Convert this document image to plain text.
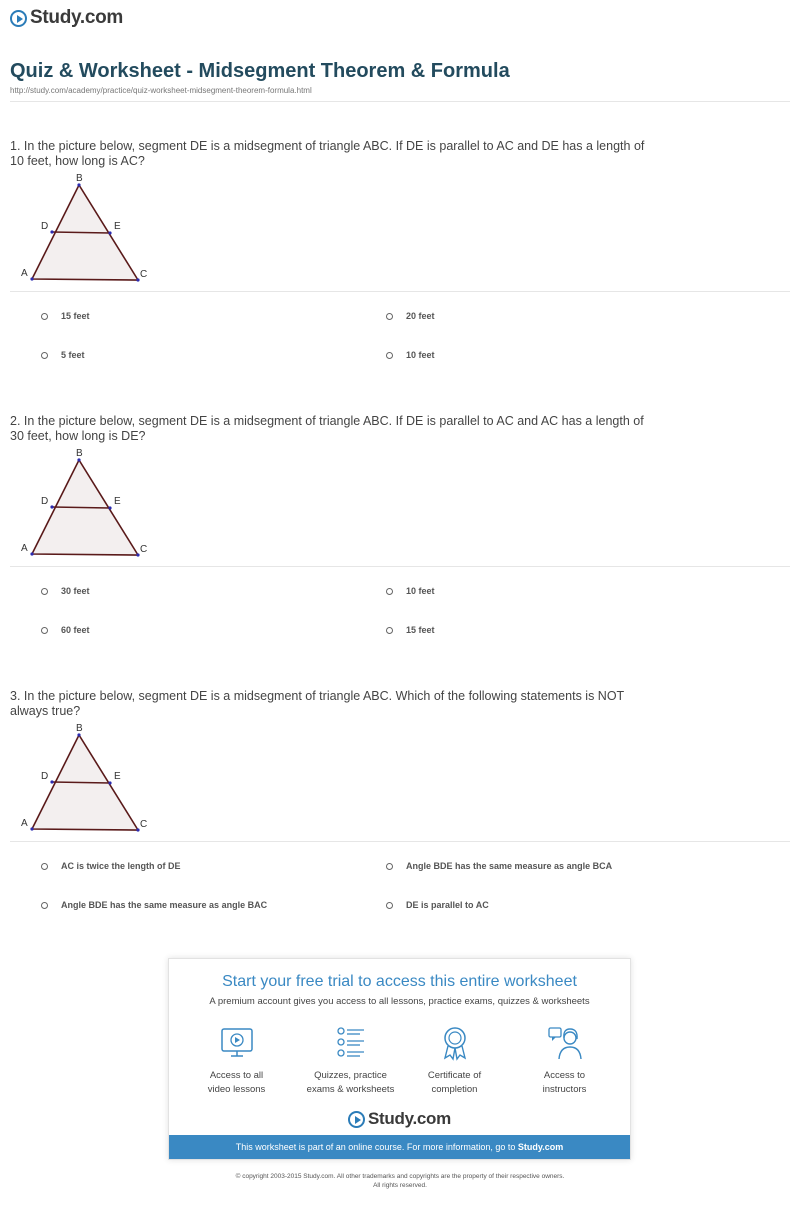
Study.com
Quiz & Worksheet - Midsegment Theorem & Formula
http://study.com/academy/practice/quiz-worksheet-midsegment-theorem-formula.html
1. In the picture below, segment DE is a midsegment of triangle ABC. If DE is parallel to AC and DE has a length of 10 feet, how long is AC?
A
B
C
D	E
15 feet	20 feet
5 feet	10 feet
2. In the picture below, segment DE is a midsegment of triangle ABC. If DE is parallel to AC and AC has a length of 30 feet, how long is DE?
A
B
C
D	E
30 feet	10 feet
60 feet	15 feet
3. In the picture below, segment DE is a midsegment of triangle ABC. Which of the following statements is NOT always true?
A
B
C
D	E
AC is twice the length of DE	Angle BDE has the same measure as angle BCA
Angle BDE has the same measure as angle BAC	DE is parallel to AC
Start your free trial to access this entire worksheet
A premium account gives you access to all lessons, practice exams, quizzes & worksheets
Access to all
video lessons
Quizzes, practice
exams & worksheets
Certificate of
completion
Access to
instructors
Study.com
This worksheet is part of an online course. For more information, go to Study.com
© copyright 2003-2015 Study.com. All other trademarks and copyrights are the property of their respective owners.
All rights reserved.
